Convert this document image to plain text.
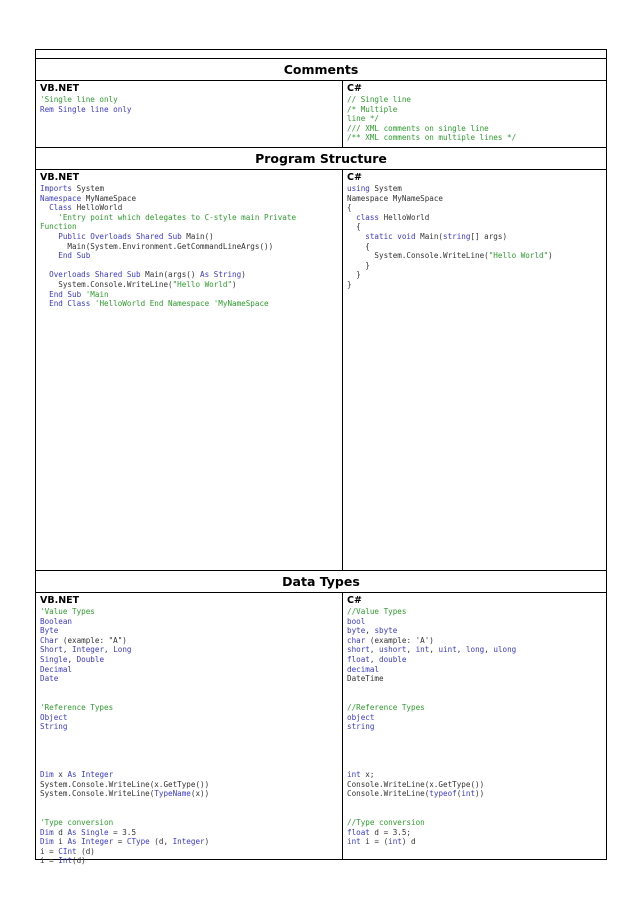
Comments
VB.NET
'Single line only
Rem Single line only
C#
// Single line
/* Multiple
line */
/// XML comments on single line
/** XML comments on multiple lines */
Program Structure
VB.NET
Imports System
Namespace MyNameSpace
Class HelloWorld
'Entry point which delegates to C-style main Private
Function
Public Overloads Shared Sub Main()
Main(System.Environment.GetCommandLineArgs())
End Sub
Overloads Shared Sub Main(args() As String)
System.Console.WriteLine("Hello World")
End Sub 'Main
End Class 'HelloWorld End Namespace 'MyNameSpace
C#
using System
Namespace MyNameSpace
{
class HelloWorld
{
static void Main(string[] args)
{
System.Console.WriteLine("Hello World")
}
}
}
Data Types
VB.NET
'Value Types
Boolean
Byte
Char (example: "A")
Short, Integer, Long
Single, Double
Decimal
Date
'Reference Types
Object
String
Dim x As Integer
System.Console.WriteLine(x.GetType())
System.Console.WriteLine(TypeName(x))
'Type conversion
Dim d As Single = 3.5
Dim i As Integer = CType (d, Integer)
i = CInt (d)
i = Int(d)
C#
//Value Types
bool
byte, sbyte
char (example: 'A')
short, ushort, int, uint, long, ulong
float, double
decimal
DateTime
//Reference Types
object
string
int x;
Console.WriteLine(x.GetType())
Console.WriteLine(typeof(int))
//Type conversion
float d = 3.5;
int i = (int) d
